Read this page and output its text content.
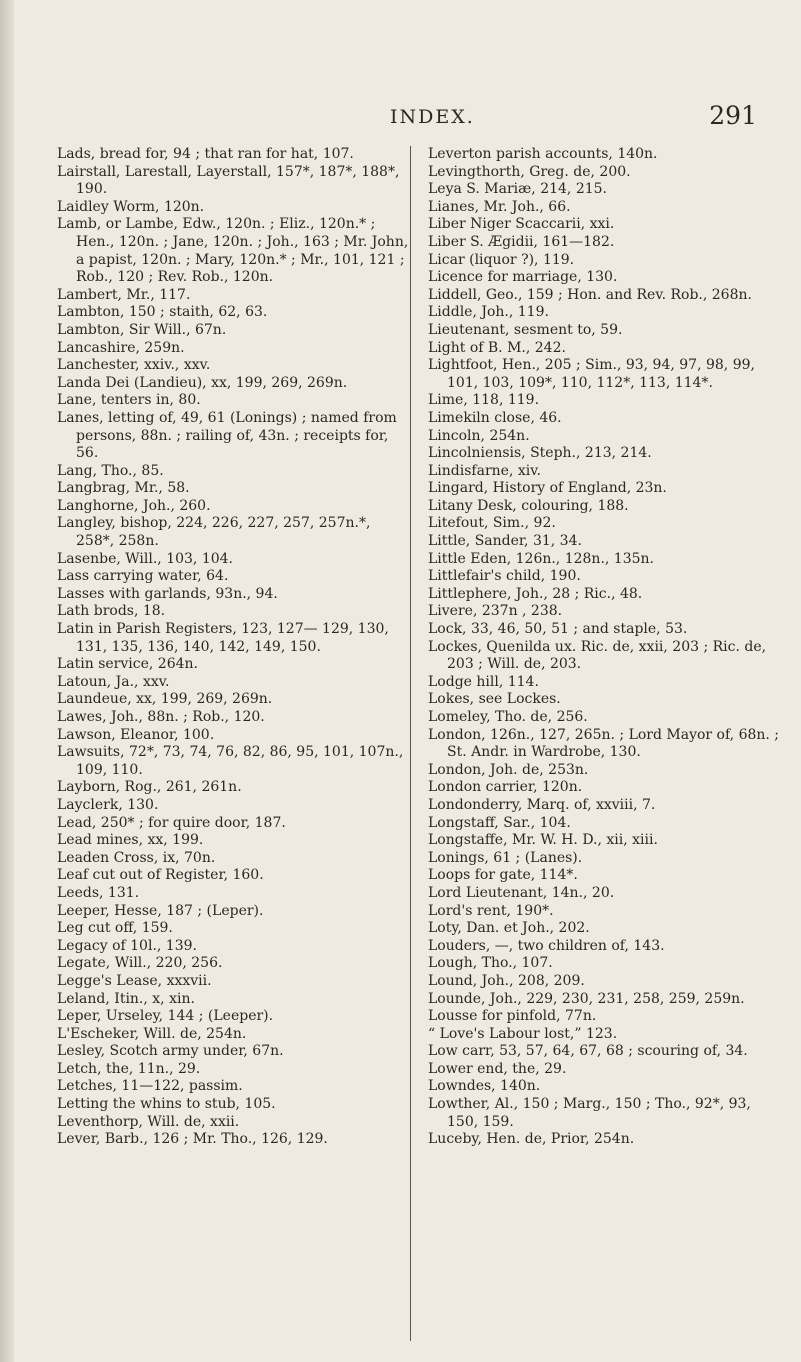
INDEX.	291

Lads, bread for, 94 ; that ran for hat, 107.

Lairstall, Larestall, Layerstall, 157*, 187*, 188*, 190.

Laidley Worm, 120n.

Lamb, or Lambe, Edw., 120n. ; Eliz., 120n.* ; Hen., 120n. ; Jane, 120n. ; Joh., 163 ; Mr. John, a papist, 120n. ; Mary, 120n.* ; Mr., 101, 121 ; Rob., 120 ; Rev. Rob., 120n.

Lambert, Mr., 117.

Lambton, 150 ; staith, 62, 63.

Lambton, Sir Will., 67n.

Lancashire, 259n.

Lanchester, xxiv., xxv.

Landa Dei (Landieu), xx, 199, 269, 269n.

Lane, tenters in, 80.

Lanes, letting of, 49, 61 (Lonings) ; named from persons, 88n. ; railing of, 43n. ; receipts for, 56.

Lang, Tho., 85.

Langbrag, Mr., 58.

Langhorne, Joh., 260.

Langley, bishop, 224, 226, 227, 257, 257n.*, 258*, 258n.

Lasenbe, Will., 103, 104.

Lass carrying water, 64.

Lasses with garlands, 93n., 94.

Lath brods, 18.

Latin in Parish Registers, 123, 127— 129, 130, 131, 135, 136, 140, 142, 149, 150.

Latin service, 264n.

Latoun, Ja., xxv.

Laundeue, xx, 199, 269, 269n.

Lawes, Joh., 88n. ; Rob., 120.

Lawson, Eleanor, 100.

Lawsuits, 72*, 73, 74, 76, 82, 86, 95, 101, 107n., 109, 110.

Layborn, Rog., 261, 261n.

Layclerk, 130.

Lead, 250* ; for quire door, 187.

Lead mines, xx, 199.

Leaden Cross, ix, 70n.

Leaf cut out of Register, 160.

Leeds, 131.

Leeper, Hesse, 187 ; (Leper).

Leg cut off, 159.

Legacy of 10l., 139.

Legate, Will., 220, 256.

Legge's Lease, xxxvii.

Leland, Itin., x, xin.

Leper, Urseley, 144 ; (Leeper).

L'Escheker, Will. de, 254n.

Lesley, Scotch army under, 67n.

Letch, the, 11n., 29.

Letches, 11—122, passim.

Letting the whins to stub, 105.

Leventhorp, Will. de, xxii.

Lever, Barb., 126 ; Mr. Tho., 126, 129.

Leverton parish accounts, 140n.

Levingthorth, Greg. de, 200.

Leya S. Mariæ, 214, 215.

Lianes, Mr. Joh., 66.

Liber Niger Scaccarii, xxi.

Liber S. Ægidii, 161—182.

Licar (liquor ?), 119.

Licence for marriage, 130.

Liddell, Geo., 159 ; Hon. and Rev. Rob., 268n.

Liddle, Joh., 119.

Lieutenant, sesment to, 59.

Light of B. M., 242.

Lightfoot, Hen., 205 ; Sim., 93, 94, 97, 98, 99, 101, 103, 109*, 110, 112*, 113, 114*.

Lime, 118, 119.

Limekiln close, 46.

Lincoln, 254n.

Lincolniensis, Steph., 213, 214.

Lindisfarne, xiv.

Lingard, History of England, 23n.

Litany Desk, colouring, 188.

Litefout, Sim., 92.

Little, Sander, 31, 34.

Little Eden, 126n., 128n., 135n.

Littlefair's child, 190.

Littlephere, Joh., 28 ; Ric., 48.

Livere, 237n , 238.

Lock, 33, 46, 50, 51 ; and staple, 53.

Lockes, Quenilda ux. Ric. de, xxii, 203 ; Ric. de, 203 ; Will. de, 203.

Lodge hill, 114.

Lokes, see Lockes.

Lomeley, Tho. de, 256.

London, 126n., 127, 265n. ; Lord Mayor of, 68n. ; St. Andr. in Wardrobe, 130.

London, Joh. de, 253n.

London carrier, 120n.

Londonderry, Marq. of, xxviii, 7.

Longstaff, Sar., 104.

Longstaffe, Mr. W. H. D., xii, xiii.

Lonings, 61 ; (Lanes).

Loops for gate, 114*.

Lord Lieutenant, 14n., 20.

Lord's rent, 190*.

Loty, Dan. et Joh., 202.

Louders, —, two children of, 143.

Lough, Tho., 107.

Lound, Joh., 208, 209.

Lounde, Joh., 229, 230, 231, 258, 259, 259n.

Lousse for pinfold, 77n.

“ Love's Labour lost,” 123.

Low carr, 53, 57, 64, 67, 68 ; scouring of, 34.

Lower end, the, 29.

Lowndes, 140n.

Lowther, Al., 150 ; Marg., 150 ; Tho., 92*, 93, 150, 159.

Luceby, Hen. de, Prior, 254n.
